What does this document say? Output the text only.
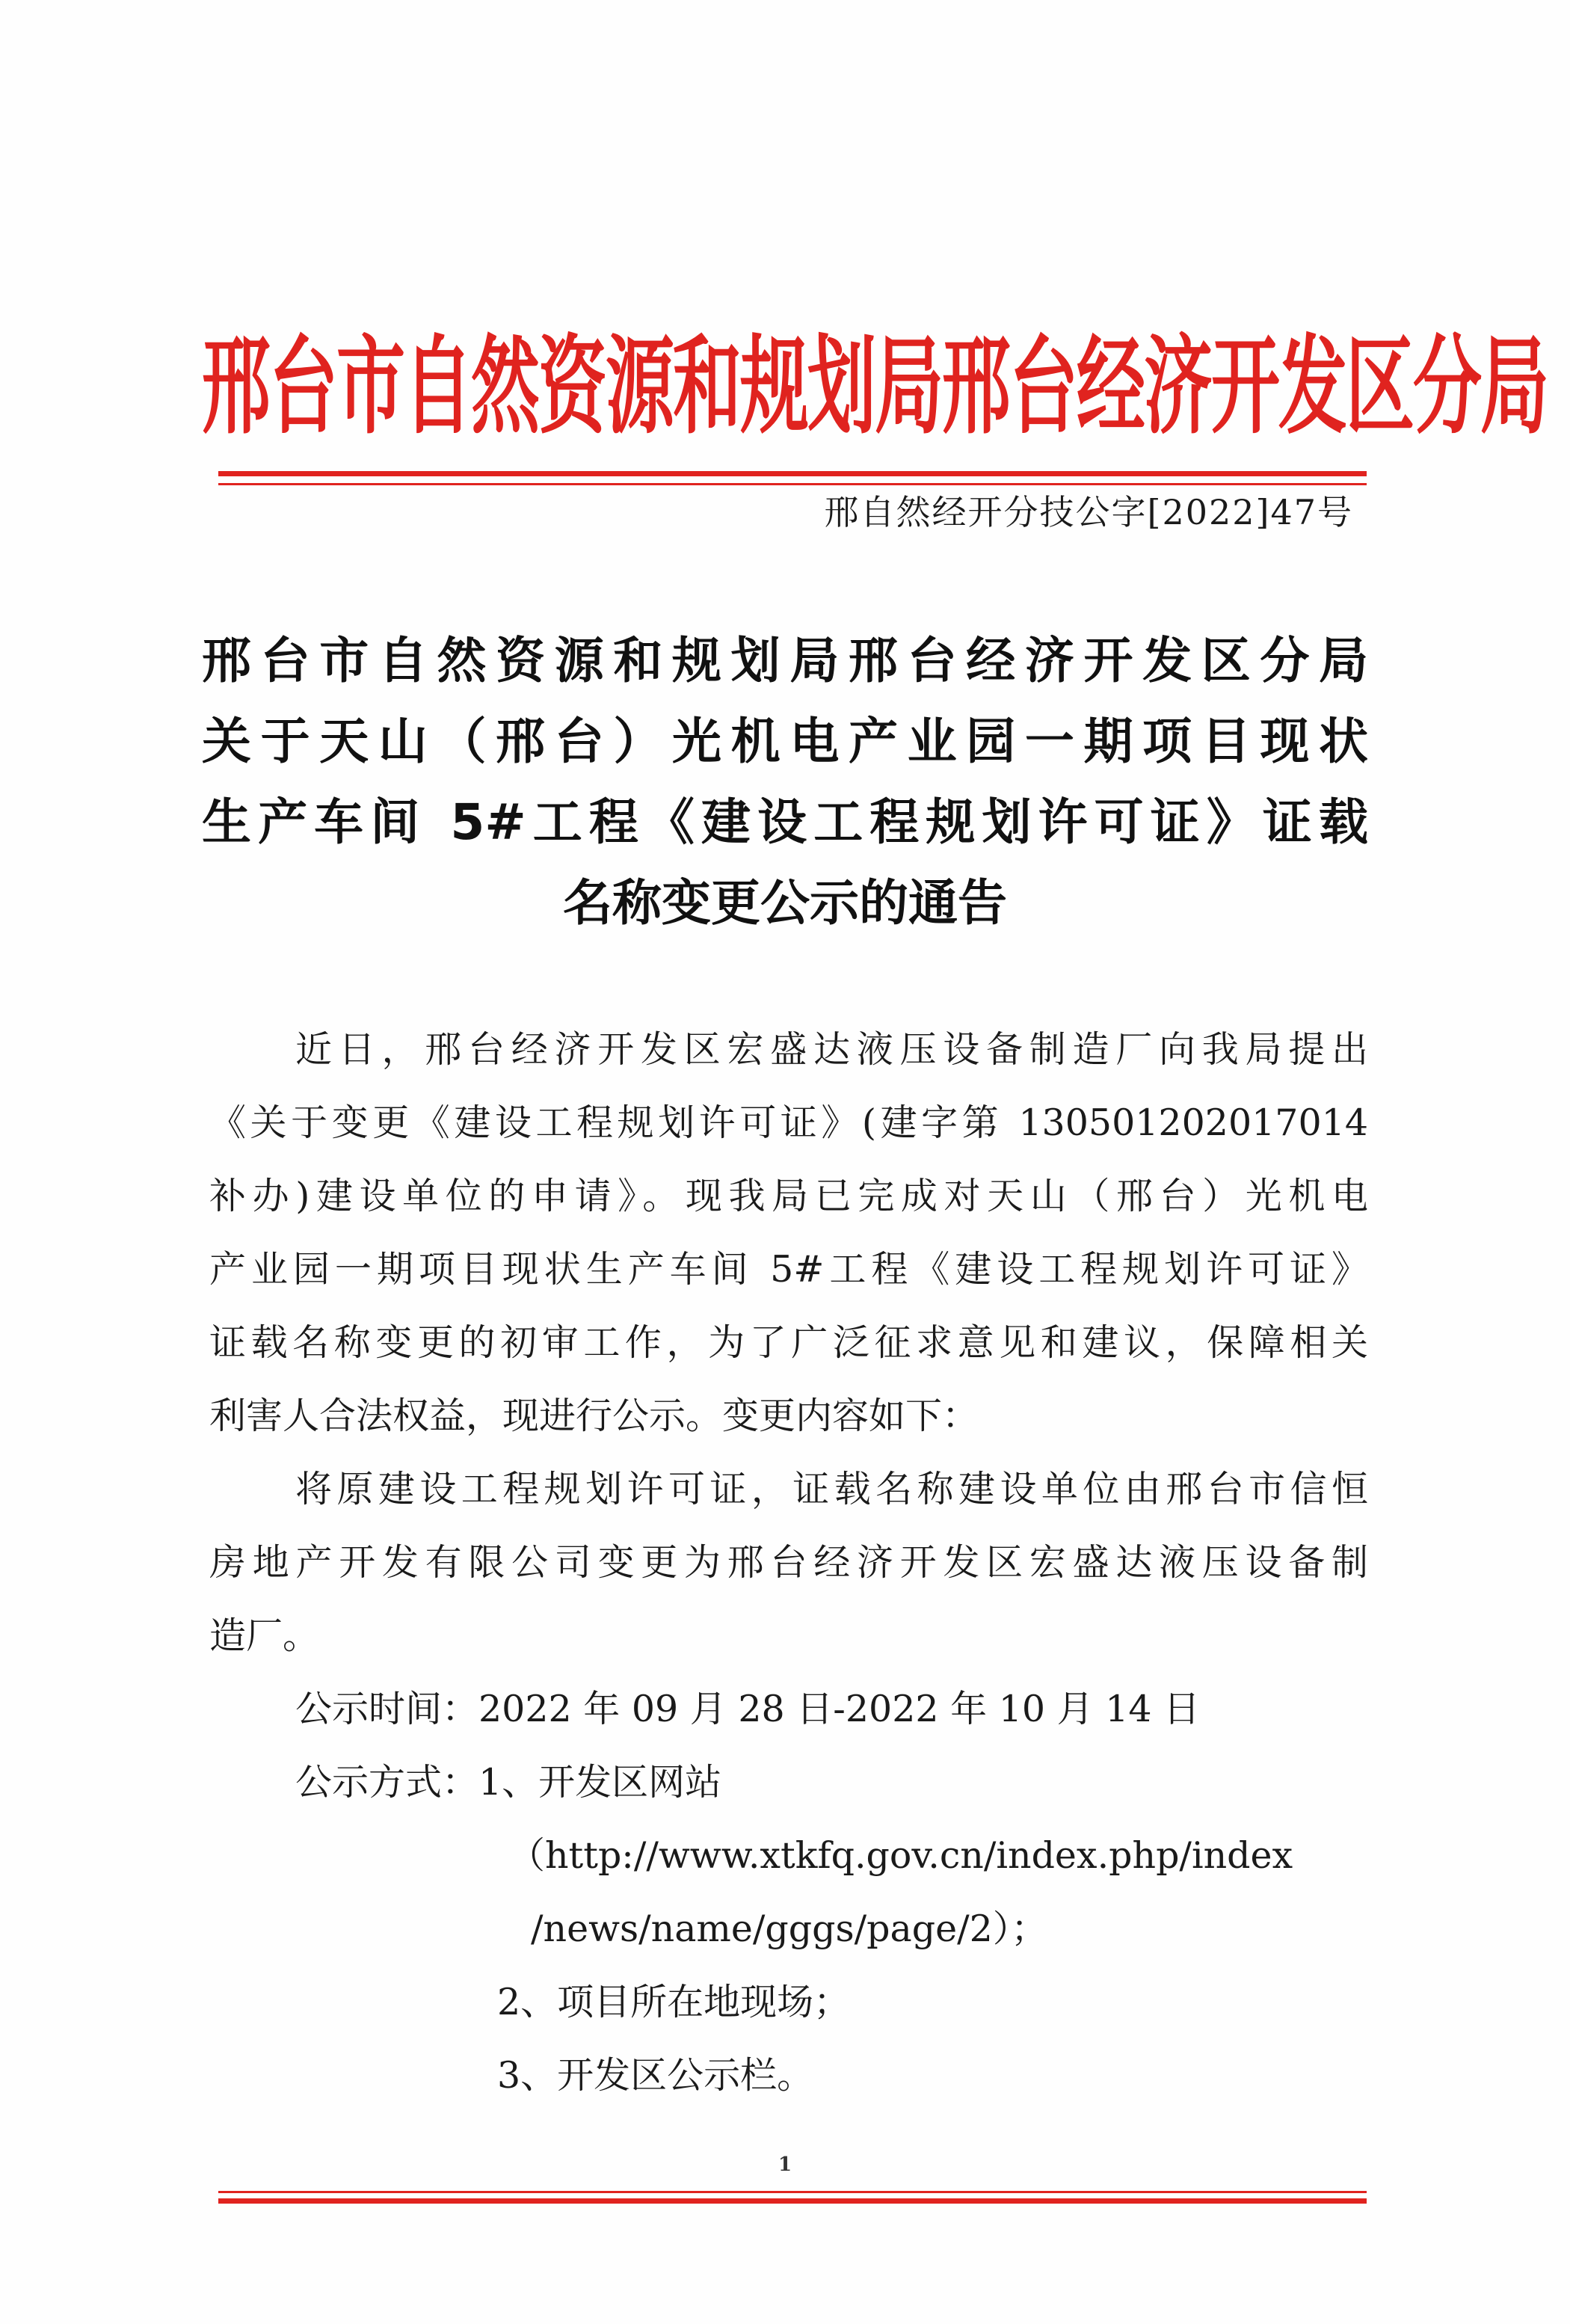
邢台市自然资源和规划局邢台经济开发区分局
邢自然经开分技公字[2022]47号
邢台市自然资源和规划局邢台经济开发区分局
关于天山（邢台）光机电产业园一期项目现状
生产车间 5#工程《建设工程规划许可证》证载
名称变更公示的通告
近日，邢台经济开发区宏盛达液压设备制造厂向我局提出
《关于变更《建设工程规划许可证》(建字第 130501202017014
补办)建设单位的申请》。现我局已完成对天山（邢台）光机电
产业园一期项目现状生产车间 5#工程《建设工程规划许可证》
证载名称变更的初审工作，为了广泛征求意见和建议，保障相关
利害人合法权益，现进行公示。变更内容如下：
将原建设工程规划许可证，证载名称建设单位由邢台市信恒
房地产开发有限公司变更为邢台经济开发区宏盛达液压设备制
造厂。
公示时间：2022 年 09 月 28 日-2022 年 10 月 14 日
公示方式：1、开发区网站
（http://www.xtkfq.gov.cn/index.php/index
/news/name/gggs/page/2）；
2、项目所在地现场；
3、开发区公示栏。
1
